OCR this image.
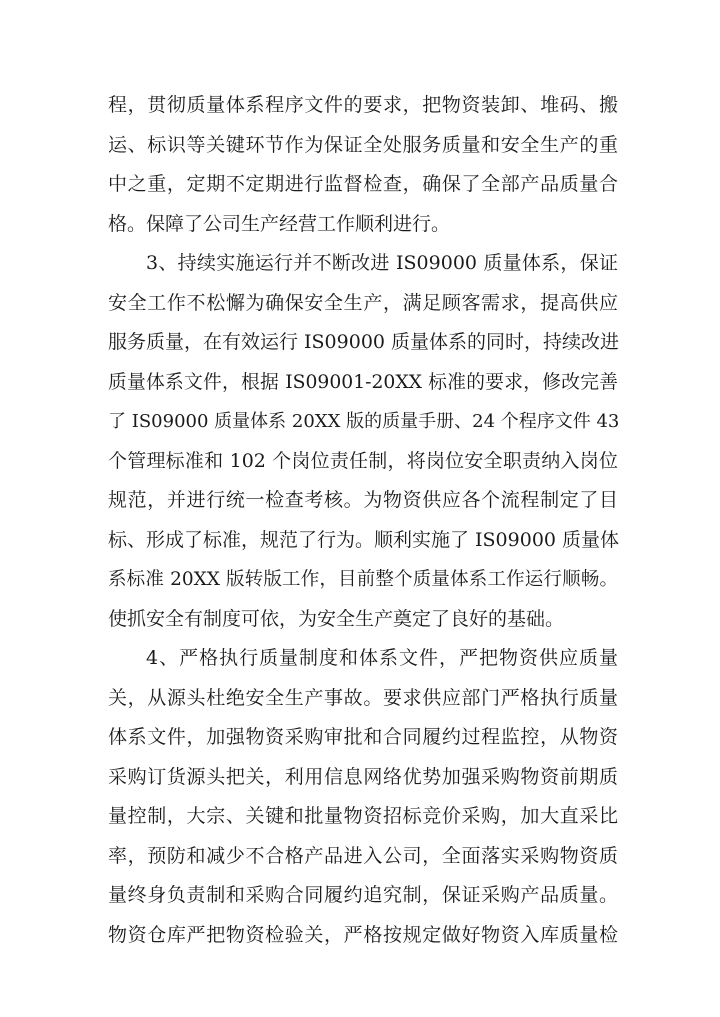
程，贯彻质量体系程序文件的要求，把物资装卸、堆码、搬
运、标识等关键环节作为保证全处服务质量和安全生产的重
中之重，定期不定期进行监督检查，确保了全部产品质量合
格。保障了公司生产经营工作顺利进行。
3、持续实施运行并不断改进 IS09000 质量体系，保证
安全工作不松懈为确保安全生产，满足顾客需求，提高供应
服务质量，在有效运行 IS09000 质量体系的同时，持续改进
质量体系文件，根据 IS09001-20XX 标准的要求，修改完善
了 IS09000 质量体系 20XX 版的质量手册、24 个程序文件 43
个管理标准和 102 个岗位责任制，将岗位安全职责纳入岗位
规范，并进行统一检查考核。为物资供应各个流程制定了目
标、形成了标准，规范了行为。顺利实施了 IS09000 质量体
系标准 20XX 版转版工作，目前整个质量体系工作运行顺畅。
使抓安全有制度可依，为安全生产奠定了良好的基础。
4、严格执行质量制度和体系文件，严把物资供应质量
关，从源头杜绝安全生产事故。要求供应部门严格执行质量
体系文件，加强物资采购审批和合同履约过程监控，从物资
采购订货源头把关，利用信息网络优势加强采购物资前期质
量控制，大宗、关键和批量物资招标竞价采购，加大直采比
率，预防和减少不合格产品进入公司，全面落实采购物资质
量终身负责制和采购合同履约追究制，保证采购产品质量。
物资仓库严把物资检验关，严格按规定做好物资入库质量检
